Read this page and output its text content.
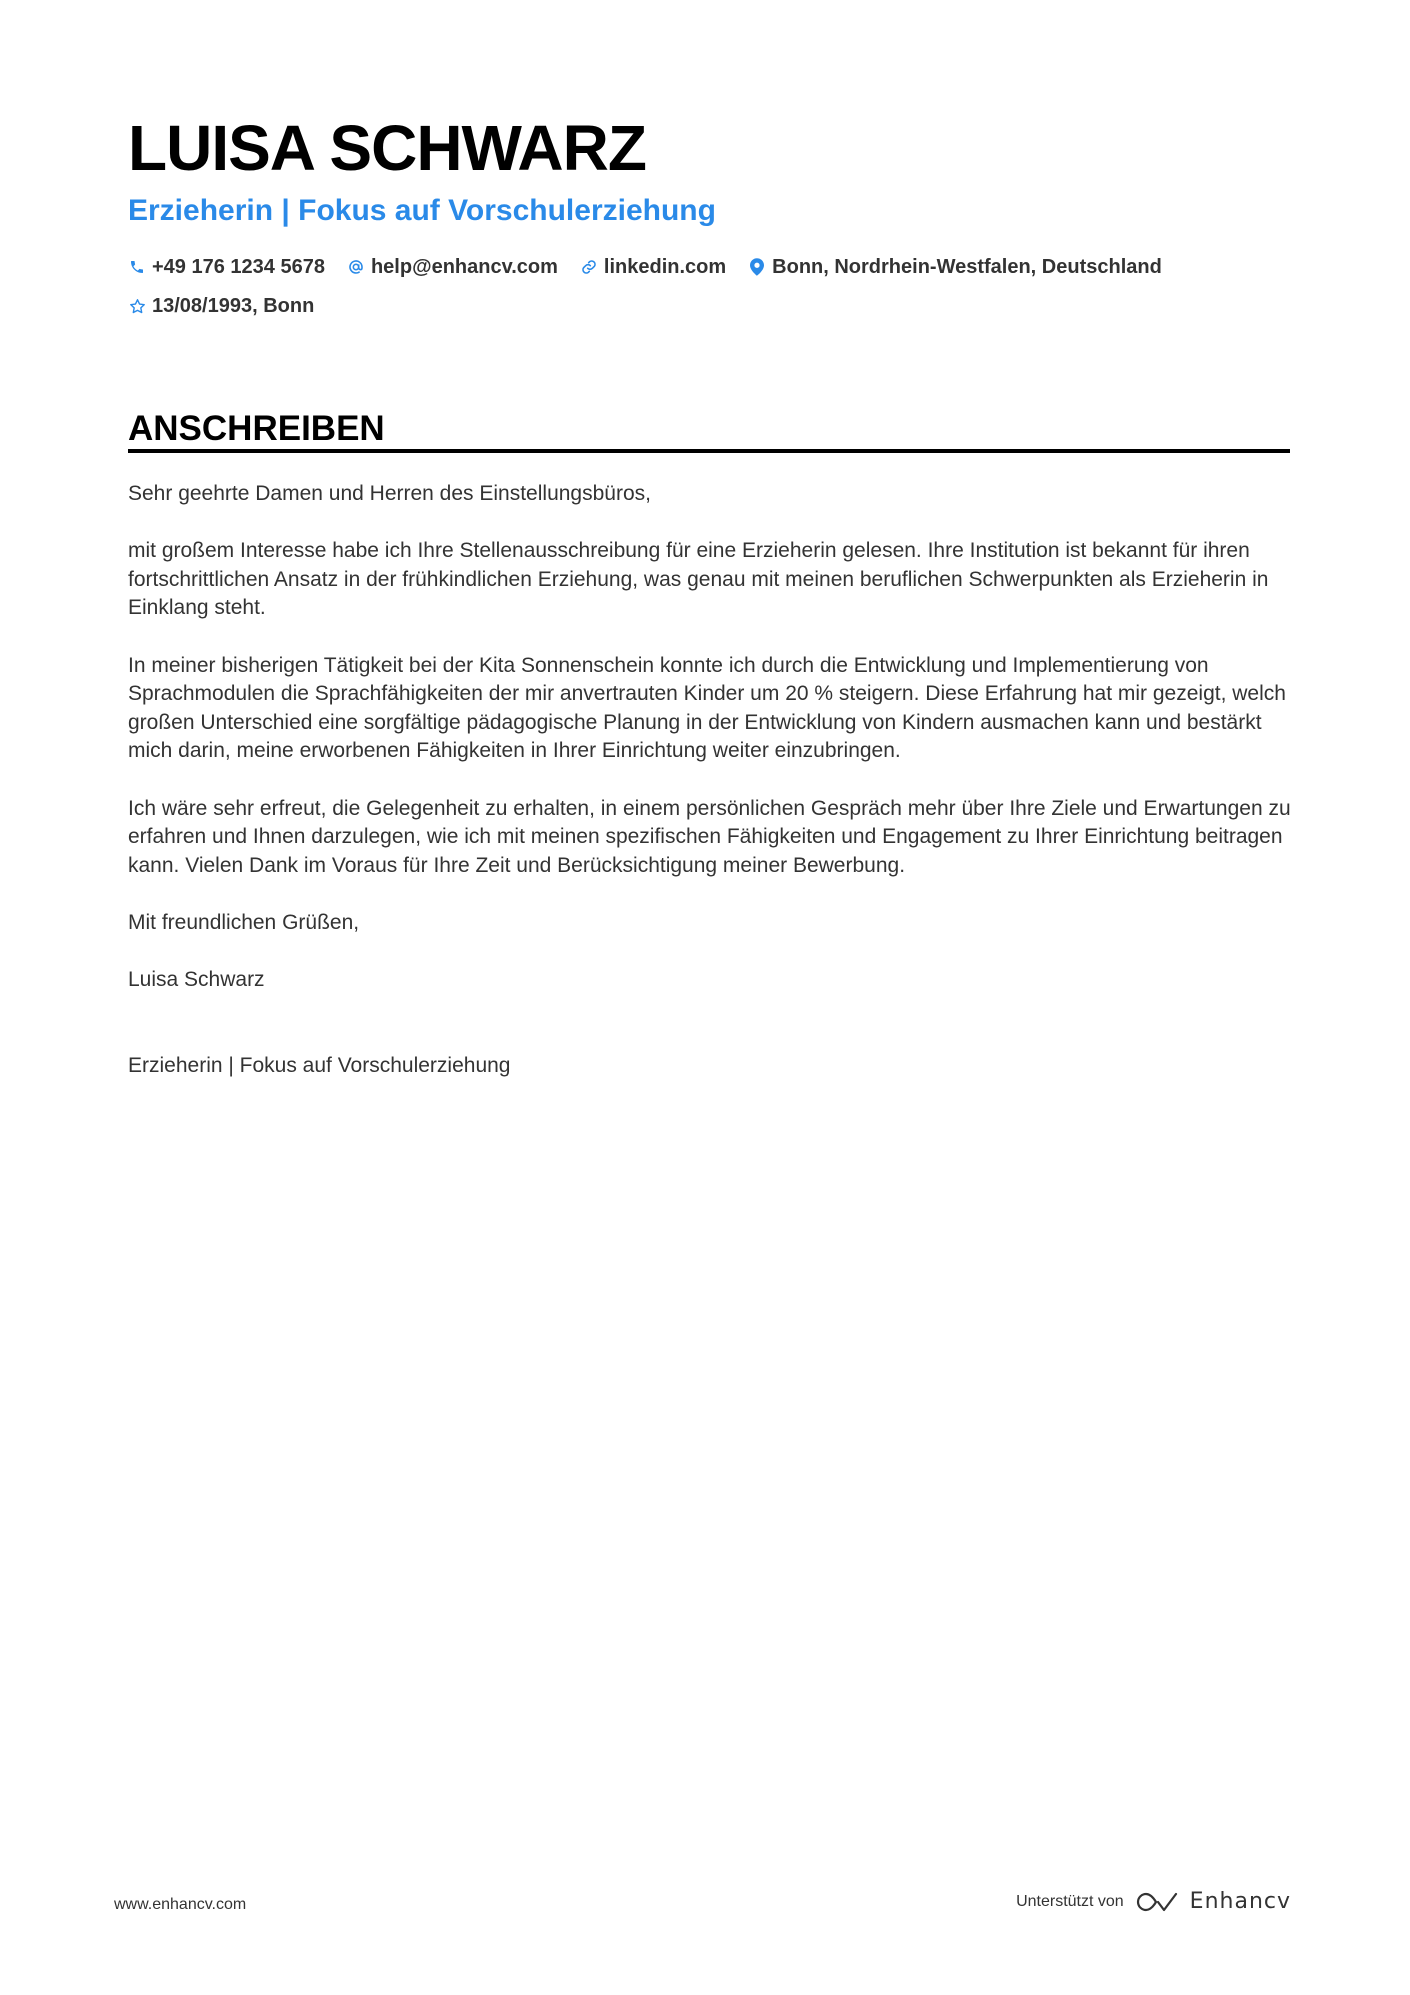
LUISA SCHWARZ
Erzieherin | Fokus auf Vorschulerziehung
+49 176 1234 5678 help@enhancv.com linkedin.com Bonn, Nordrhein-Westfalen, Deutschland
13/08/1993, Bonn
ANSCHREIBEN

Sehr geehrte Damen und Herren des Einstellungsbüros,

mit großem Interesse habe ich Ihre Stellenausschreibung für eine Erzieherin gelesen. Ihre Institution ist bekannt für ihren fortschrittlichen Ansatz in der frühkindlichen Erziehung, was genau mit meinen beruflichen Schwerpunkten als Erzieherin in Einklang steht.

In meiner bisherigen Tätigkeit bei der Kita Sonnenschein konnte ich durch die Entwicklung und Implementierung von Sprachmodulen die Sprachfähigkeiten der mir anvertrauten Kinder um 20 % steigern. Diese Erfahrung hat mir gezeigt, welch großen Unterschied eine sorgfältige pädagogische Planung in der Entwicklung von Kindern ausmachen kann und bestärkt mich darin, meine erworbenen Fähigkeiten in Ihrer Einrichtung weiter einzubringen.

Ich wäre sehr erfreut, die Gelegenheit zu erhalten, in einem persönlichen Gespräch mehr über Ihre Ziele und Erwartungen zu erfahren und Ihnen darzulegen, wie ich mit meinen spezifischen Fähigkeiten und Engagement zu Ihrer Einrichtung beitragen kann. Vielen Dank im Voraus für Ihre Zeit und Berücksichtigung meiner Bewerbung.

Mit freundlichen Grüßen,

Luisa Schwarz

Erzieherin | Fokus auf Vorschulerziehung

www.enhancv.com	Unterstützt von	Enhancv
